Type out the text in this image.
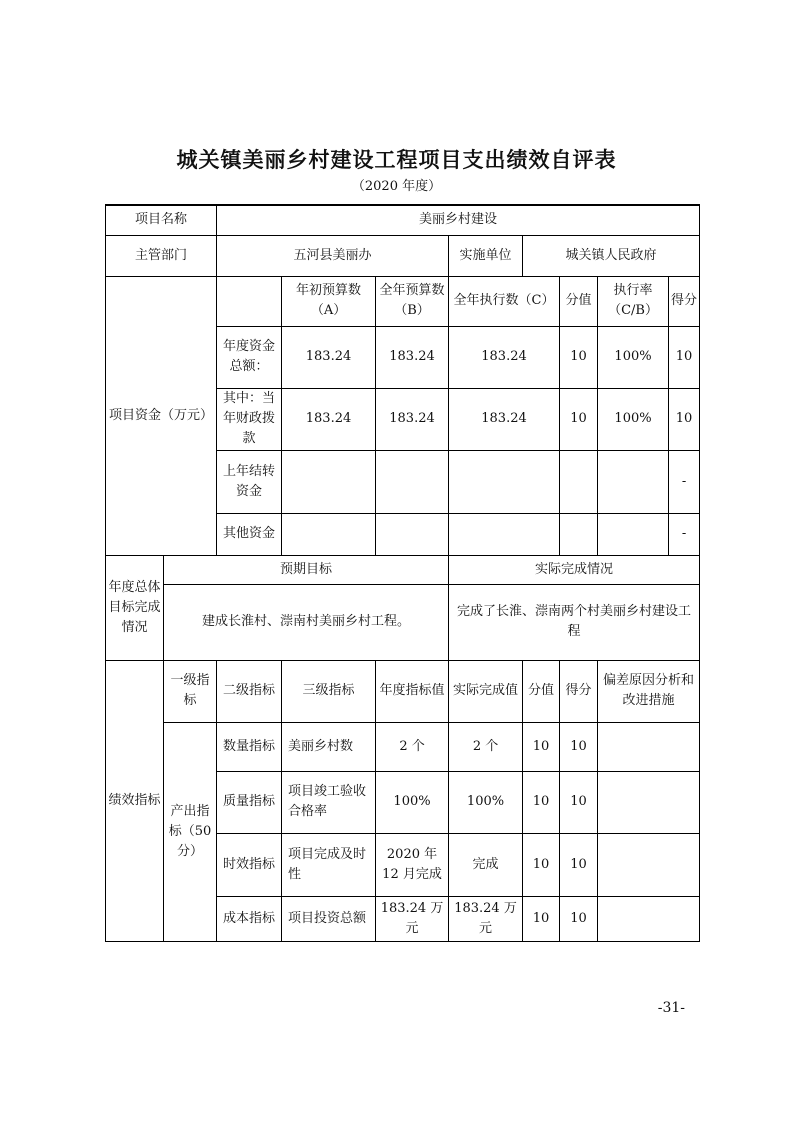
城关镇美丽乡村建设工程项目支出绩效自评表
（2020 年度）
项目名称		美丽乡村建设							
主管部门		五河县美丽办			实施单位	城关镇人民政府			
项目资金（万元）			年初预算数（A）	全年预算数（B）	全年执行数（C）		分值	执行率（C/B）	得分
		年度资金总额：	183.24	183.24	183.24		10	100%	10
		其中：当年财政拨款	183.24	183.24	183.24		10	100%	10
		上年结转资金							-
		其他资金							-
年度总体目标完成情况	预期目标				实际完成情况				
	建成长淮村、漴南村美丽乡村工程。				完成了长淮、漴南两个村美丽乡村建设工程				
绩效指标	一级指标	二级指标	三级指标	年度指标值	实际完成值	分值	得分	偏差原因分析和改进措施	
	产出指标（50分）	数量指标	美丽乡村数	2 个	2 个	10	10		
		质量指标	项目竣工验收合格率	100%	100%	10	10		
		时效指标	项目完成及时性	2020 年 12 月完成	完成	10	10		
		成本指标	项目投资总额	183.24 万元	183.24 万元	10	10		
-31-
